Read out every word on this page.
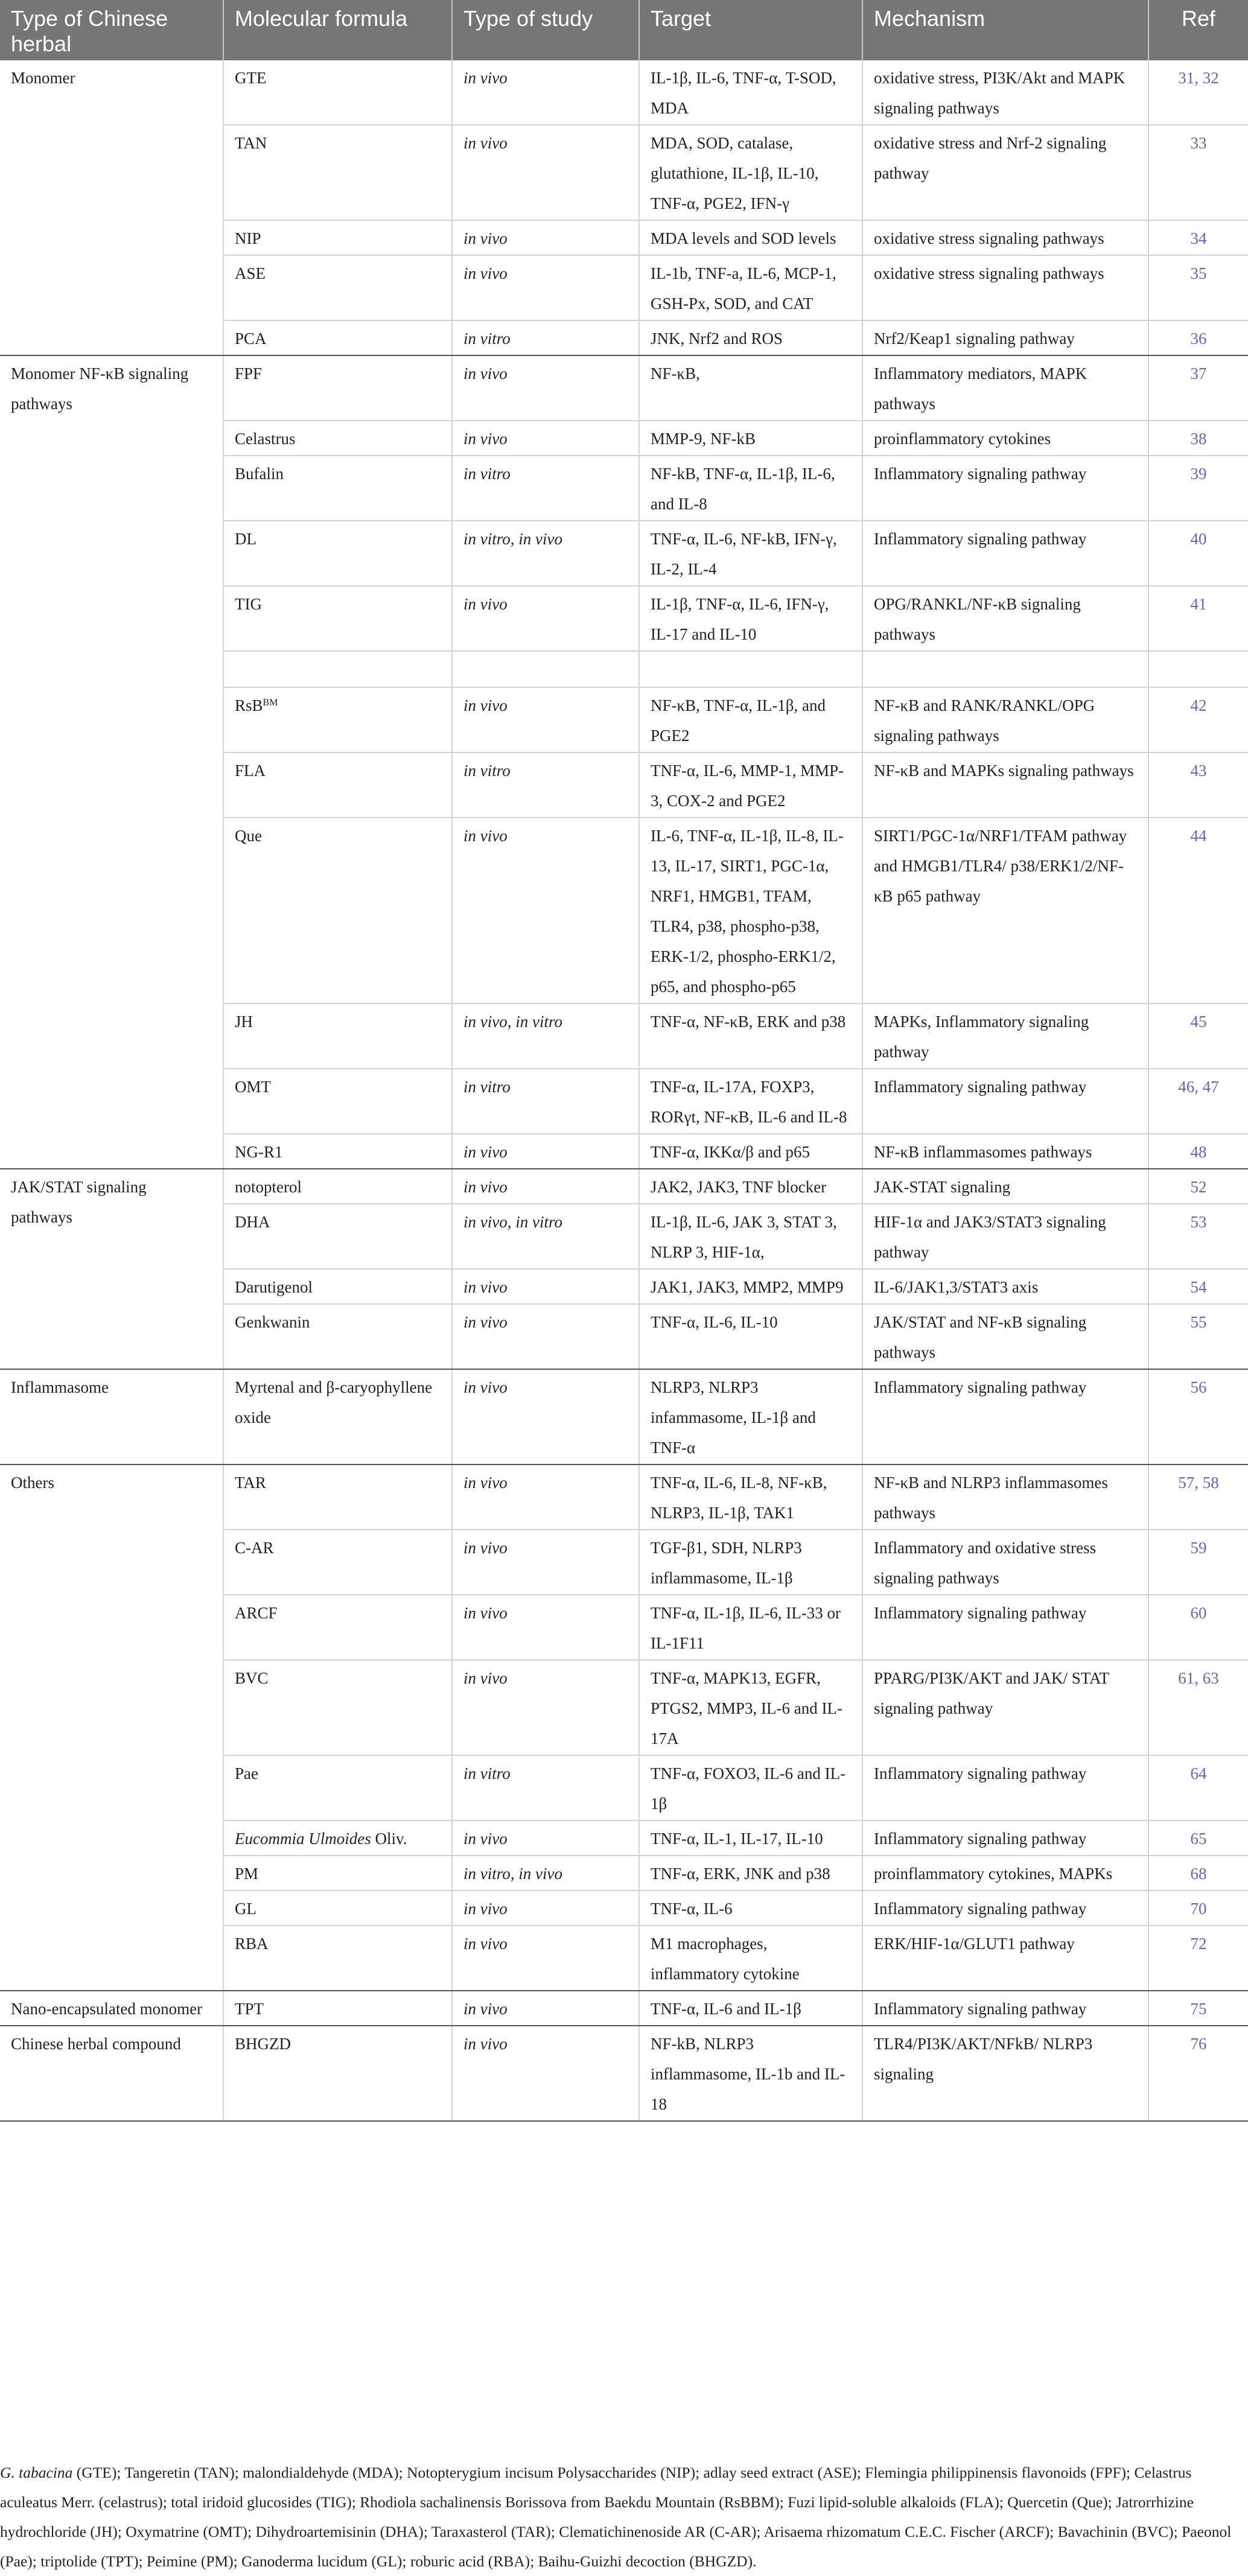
Type of Chinese herbal	Molecular formula	Type of study	Target	Mechanism	Ref
Monomer	GTE	in vivo	IL-1β, IL-6, TNF-α, T-SOD, MDA	oxidative stress, PI3K/Akt and MAPK signaling pathways	31, 32
	TAN	in vivo	MDA, SOD, catalase, glutathione, IL-1β, IL-10, TNF-α, PGE2, IFN-γ	oxidative stress and Nrf-2 signaling pathway	33
	NIP	in vivo	MDA levels and SOD levels	oxidative stress signaling pathways	34
	ASE	in vivo	IL-1b, TNF-a, IL-6, MCP-1, GSH-Px, SOD, and CAT	oxidative stress signaling pathways	35
	PCA	in vitro	JNK, Nrf2 and ROS	Nrf2/Keap1 signaling pathway	36
Monomer NF-κB signaling pathways	FPF	in vivo	NF-κB,	Inflammatory mediators, MAPK pathways	37
	Celastrus	in vivo	MMP-9, NF-kB	proinflammatory cytokines	38
	Bufalin	in vitro	NF-kB, TNF-α, IL-1β, IL-6, and IL-8	Inflammatory signaling pathway	39
	DL	in vitro, in vivo	TNF-α, IL-6, NF-kB, IFN-γ, IL-2, IL-4	Inflammatory signaling pathway	40
	TIG	in vivo	IL-1β, TNF-α, IL-6, IFN-γ, IL-17 and IL-10	OPG/RANKL/NF-κB signaling pathways	41

	RsB$^{BM}$	in vivo	NF-κB, TNF-α, IL-1β, and PGE2	NF-κB and RANK/RANKL/OPG signaling pathways	42
	FLA	in vitro	TNF-α, IL-6, MMP-1, MMP-3, COX-2 and PGE2	NF-κB and MAPKs signaling pathways	43
	Que	in vivo	IL-6, TNF-α, IL-1β, IL-8, IL-13, IL-17, SIRT1, PGC-1α, NRF1, HMGB1, TFAM, TLR4, p38, phospho-p38, ERK-1/2, phospho-ERK1/2, p65, and phospho-p65	SIRT1/PGC-1α/NRF1/TFAM pathway and HMGB1/TLR4/ p38/ERK1/2/NF-κB p65 pathway	44
	JH	in vivo, in vitro	TNF-α, NF-κB, ERK and p38	MAPKs, Inflammatory signaling pathway	45
	OMT	in vitro	TNF-α, IL-17A, FOXP3, RORγt, NF-κB, IL-6 and IL-8	Inflammatory signaling pathway	46, 47
	NG-R1	in vivo	TNF-α, IKKα/β and p65	NF-κB inflammasomes pathways	48
JAK/STAT signaling pathways	notopterol	in vivo	JAK2, JAK3, TNF blocker	JAK-STAT signaling	52
	DHA	in vivo, in vitro	IL-1β, IL-6, JAK 3, STAT 3, NLRP 3, HIF-1α,	HIF-1α and JAK3/STAT3 signaling pathway	53
	Darutigenol	in vivo	JAK1, JAK3, MMP2, MMP9	IL-6/JAK1,3/STAT3 axis	54
	Genkwanin	in vivo	TNF-α, IL-6, IL-10	JAK/STAT and NF-κB signaling pathways	55
Inflammasome	Myrtenal and β-caryophyllene oxide	in vivo	NLRP3, NLRP3 infammasome, IL-1β and TNF-α	Inflammatory signaling pathway	56
Others	TAR	in vivo	TNF-α, IL-6, IL-8, NF-κB, NLRP3, IL-1β, TAK1	NF-κB and NLRP3 inflammasomes pathways	57, 58
	C-AR	in vivo	TGF-β1, SDH, NLRP3 inflammasome, IL-1β	Inflammatory and oxidative stress signaling pathways	59
	ARCF	in vivo	TNF-α, IL-1β, IL-6, IL-33 or IL-1F11	Inflammatory signaling pathway	60
	BVC	in vivo	TNF-α, MAPK13, EGFR, PTGS2, MMP3, IL-6 and IL-17A	PPARG/PI3K/AKT and JAK/ STAT signaling pathway	61, 63
	Pae	in vitro	TNF-α, FOXO3, IL-6 and IL-1β	Inflammatory signaling pathway	64
	Eucommia Ulmoides Oliv.	in vivo	TNF-α, IL-1, IL-17, IL-10	Inflammatory signaling pathway	65
	PM	in vitro, in vivo	TNF-α, ERK, JNK and p38	proinflammatory cytokines, MAPKs	68
	GL	in vivo	TNF-α, IL-6	Inflammatory signaling pathway	70
	RBA	in vivo	M1 macrophages, inflammatory cytokine	ERK/HIF-1α/GLUT1 pathway	72
Nano-encapsulated monomer	TPT	in vivo	TNF-α, IL-6 and IL-1β	Inflammatory signaling pathway	75
Chinese herbal compound	BHGZD	in vivo	NF-kB, NLRP3 inflammasome, IL-1b and IL-18	TLR4/PI3K/AKT/NFkB/ NLRP3 signaling	76
G. tabacina (GTE); Tangeretin (TAN); malondialdehyde (MDA); Notopterygium incisum Polysaccharides (NIP); adlay seed extract (ASE); Flemingia philippinensis flavonoids (FPF); Celastrus aculeatus Merr. (celastrus); total iridoid glucosides (TIG); Rhodiola sachalinensis Borissova from Baekdu Mountain (RsBBM); Fuzi lipid-soluble alkaloids (FLA); Quercetin (Que); Jatrorrhizine hydrochloride (JH); Oxymatrine (OMT); Dihydroartemisinin (DHA); Taraxasterol (TAR); Clematichinenoside AR (C-AR); Arisaema rhizomatum C.E.C. Fischer (ARCF); Bavachinin (BVC); Paeonol (Pae); triptolide (TPT); Peimine (PM); Ganoderma lucidum (GL); roburic acid (RBA); Baihu-Guizhi decoction (BHGZD).
